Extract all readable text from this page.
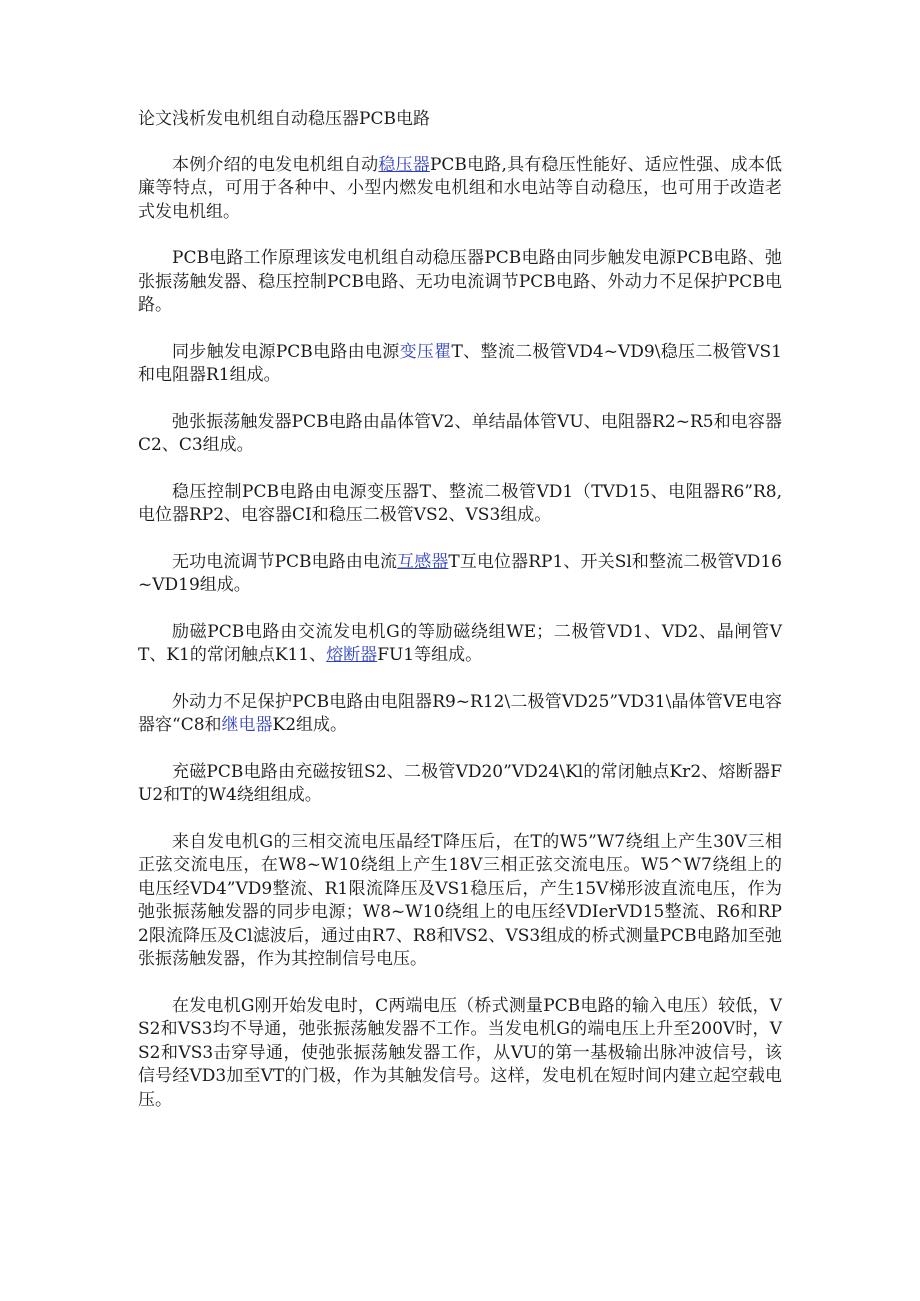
论文浅析发电机组自动稳压器PCB电路

本例介绍的电发电机组自动稳压器PCB电路,具有稳压性能好、适应性强、成本低廉等特点，可用于各种中、小型内燃发电机组和水电站等自动稳压，也可用于改造老式发电机组。

PCB电路工作原理该发电机组自动稳压器PCB电路由同步触发电源PCB电路、弛张振荡触发器、稳压控制PCB电路、无功电流调节PCB电路、外动力不足保护PCB电路。

同步触发电源PCB电路由电源变压瞿T、整流二极管VD4~VD9\稳压二极管VS1和电阻器R1组成。

弛张振荡触发器PCB电路由晶体管V2、单结晶体管VU、电阻器R2~R5和电容器C2、C3组成。

稳压控制PCB电路由电源变压器T、整流二极管VD1（TVD15、电阻器R6”R8,电位器RP2、电容器CI和稳压二极管VS2、VS3组成。

无功电流调节PCB电路由电流互感器T互电位器RP1、开关Sl和整流二极管VD16~VD19组成。

励磁PCB电路由交流发电机G的等励磁绕组WE；二极管VD1、VD2、晶闸管VT、K1的常闭触点K11、熔断器FU1等组成。

外动力不足保护PCB电路由电阻器R9~R12\二极管VD25”VD31\晶体管VE电容器容“C8和继电器K2组成。

充磁PCB电路由充磁按钮S2、二极管VD20”VD24\Kl的常闭触点Kr2、熔断器FU2和T的W4绕组组成。

来自发电机G的三相交流电压晶经T降压后，在T的W5”W7绕组上产生30V三相正弦交流电压，在W8~W10绕组上产生18V三相正弦交流电压。W5^W7绕组上的电压经VD4”VD9整流、R1限流降压及VS1稳压后，产生15V梯形波直流电压，作为弛张振荡触发器的同步电源；W8~W10绕组上的电压经VDIerVD15整流、R6和RP2限流降压及Cl滤波后，通过由R7、R8和VS2、VS3组成的桥式测量PCB电路加至弛张振荡触发器，作为其控制信号电压。

在发电机G刚开始发电时，C两端电压（桥式测量PCB电路的输入电压）较低，VS2和VS3均不导通，弛张振荡触发器不工作。当发电机G的端电压上升至200V时，VS2和VS3击穿导通，使弛张振荡触发器工作，从VU的第一基极输出脉冲波信号，该信号经VD3加至VT的门极，作为其触发信号。这样，发电机在短时间内建立起空载电压。
